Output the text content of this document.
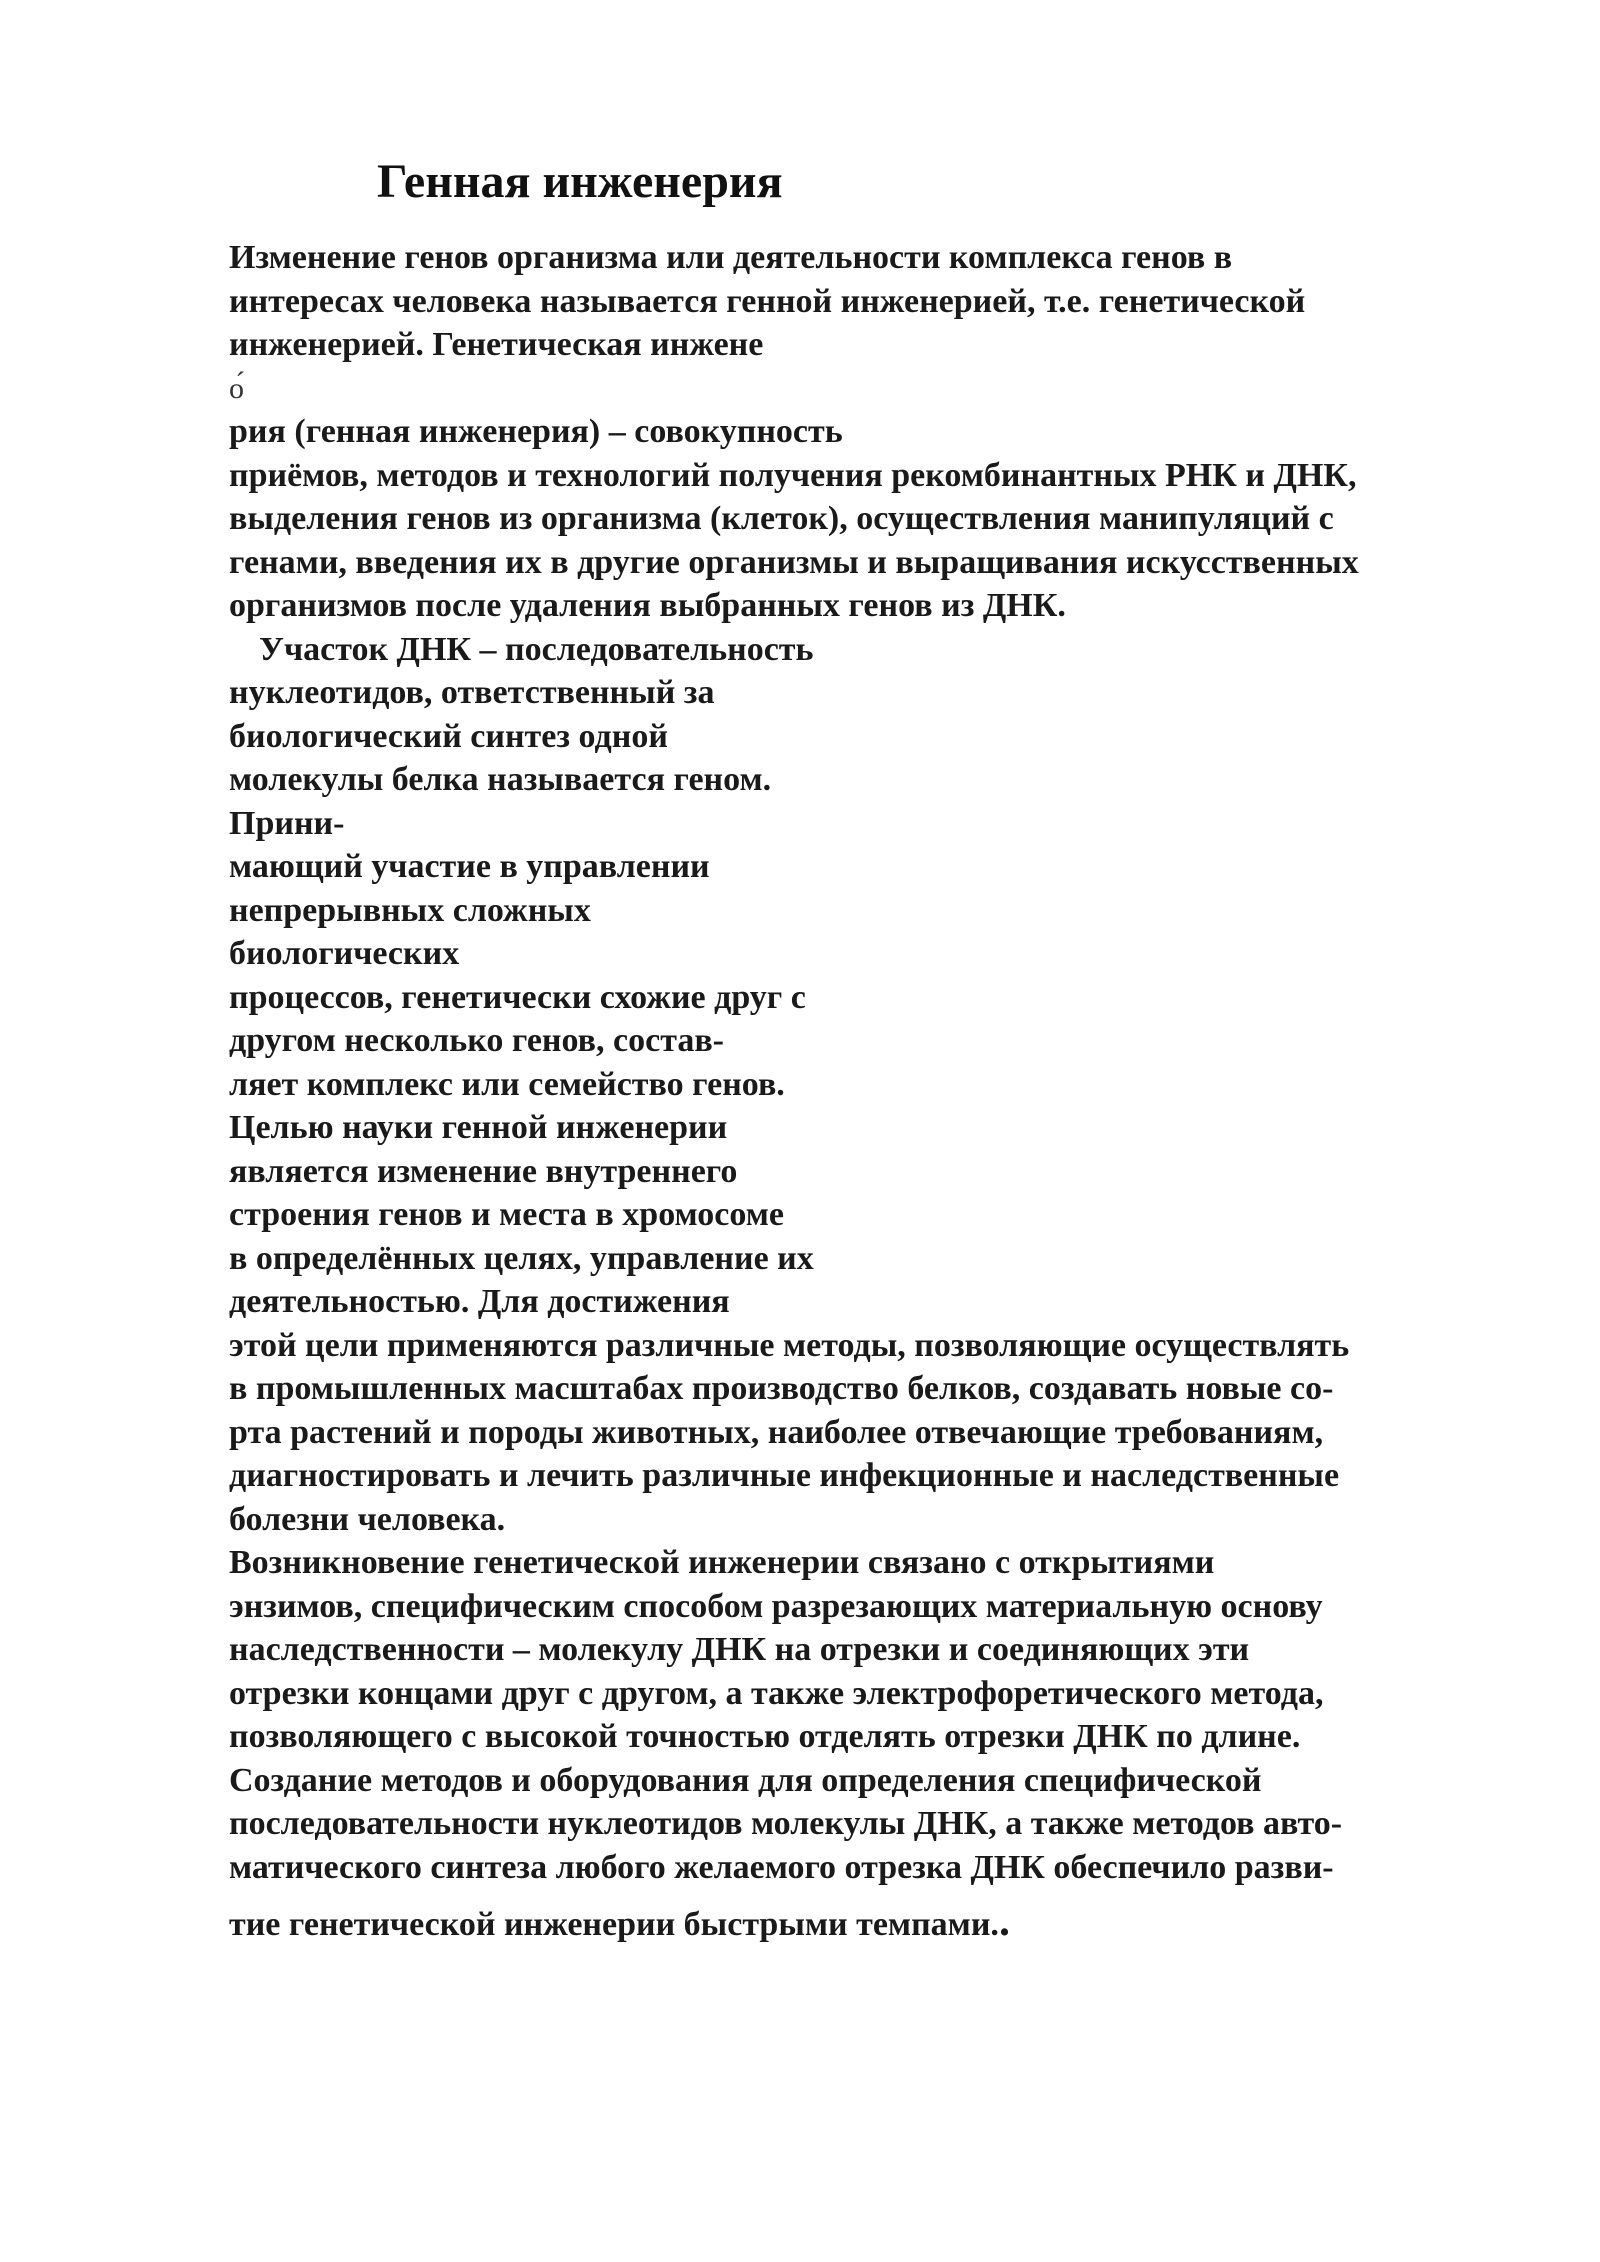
Генная инженерия
Изменение генов организма или деятельности комплекса генов в
интересах человека называется генной инженерией, т.е. генетической
инженерией. Генетическая инжене
о́
рия (генная инженерия) – совокупность
приёмов, методов и технологий получения рекомбинантных РНК и ДНК,
выделения генов из организма (клеток), осуществления манипуляций с
генами, введения их в другие организмы и выращивания искусственных
организмов после удаления выбранных генов из ДНК.
Участок ДНК – последовательность
нуклеотидов, ответственный за
биологический синтез одной
молекулы белка называется геном.
Прини-
мающий участие в управлении
непрерывных сложных
биологических
процессов, генетически схожие друг с
другом несколько генов, состав-
ляет комплекс или семейство генов.
Целью науки генной инженерии
является изменение внутреннего
строения генов и места в хромосоме
в определённых целях, управление их
деятельностью. Для достижения
этой цели применяются различные методы, позволяющие осуществлять
в промышленных масштабах производство белков, создавать новые со-
рта растений и породы животных, наиболее отвечающие требованиям,
диагностировать и лечить различные инфекционные и наследственные
болезни человека.
Возникновение генетической инженерии связано с открытиями
энзимов, специфическим способом разрезающих материальную основу
наследственности – молекулу ДНК на отрезки и соединяющих эти
отрезки концами друг с другом, а также электрофоретического метода,
позволяющего с высокой точностью отделять отрезки ДНК по длине.
Создание методов и оборудования для определения специфической
последовательности нуклеотидов молекулы ДНК, а также методов авто-
матического синтеза любого желаемого отрезка ДНК обеспечило разви-
тие генетической инженерии быстрыми темпами..
